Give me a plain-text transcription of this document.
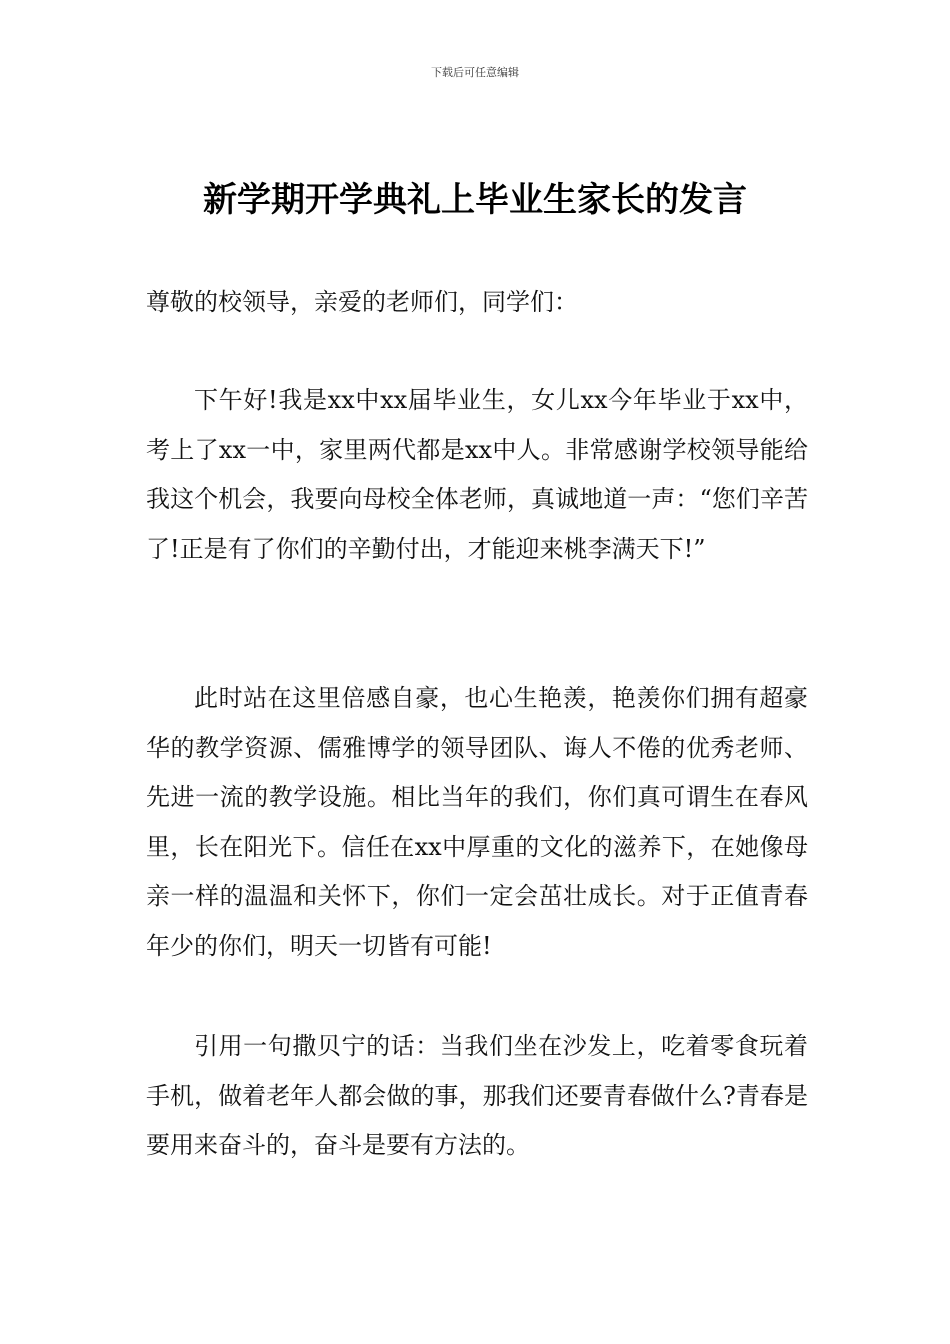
下载后可任意编辑
新学期开学典礼上毕业生家长的发言

尊敬的校领导，亲爱的老师们，同学们：

下午好!我是xx中xx届毕业生，女儿xx今年毕业于xx中，考上了xx一中，家里两代都是xx中人。非常感谢学校领导能给我这个机会，我要向母校全体老师，真诚地道一声：“您们辛苦了!正是有了你们的辛勤付出，才能迎来桃李满天下!”

此时站在这里倍感自豪，也心生艳羡，艳羡你们拥有超豪华的教学资源、儒雅博学的领导团队、诲人不倦的优秀老师、先进一流的教学设施。相比当年的我们，你们真可谓生在春风里，长在阳光下。信任在xx中厚重的文化的滋养下，在她像母亲一样的温温和关怀下，你们一定会茁壮成长。对于正值青春年少的你们，明天一切皆有可能!

引用一句撒贝宁的话：当我们坐在沙发上，吃着零食玩着手机，做着老年人都会做的事，那我们还要青春做什么?青春是要用来奋斗的，奋斗是要有方法的。
